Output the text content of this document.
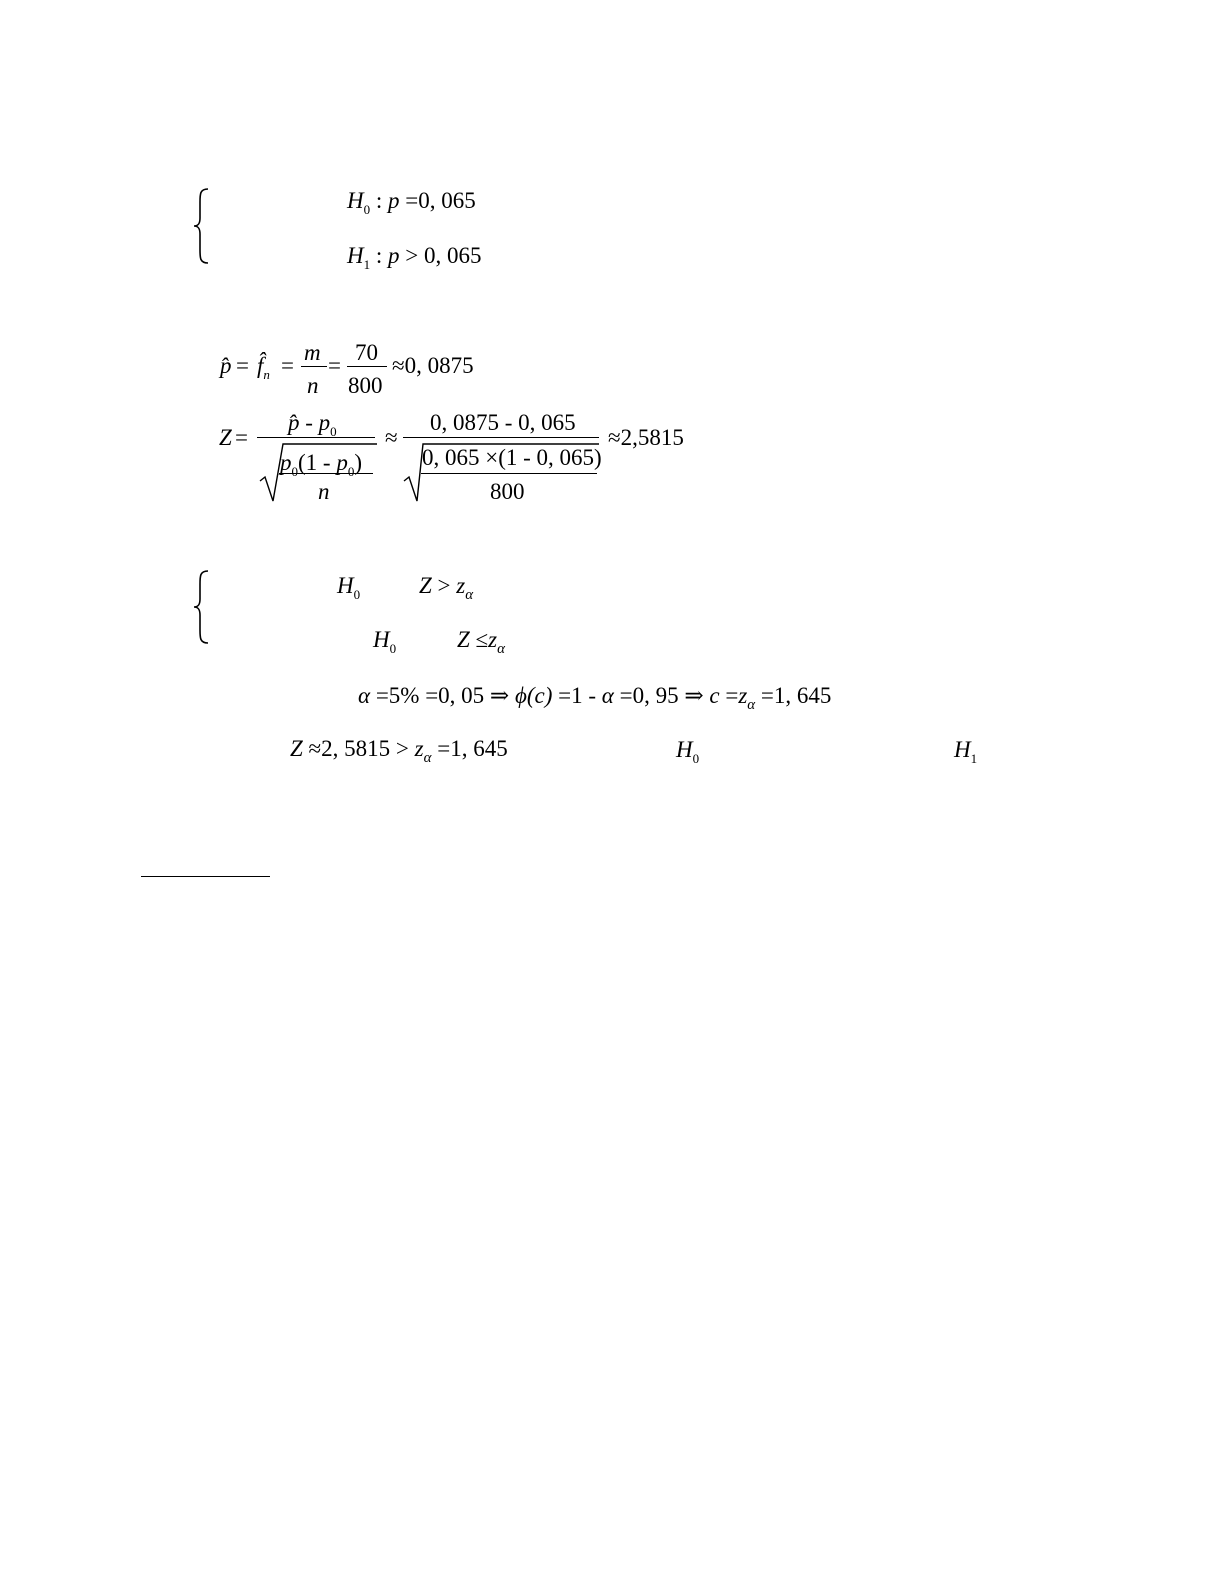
$H_0$ : p =0, 065
$H_1$ : p > 0, 065
p̂ = $f̂_n$ =
m
n
=
70
800
≈0, 0875
Z =
p̂ - $p_0$
$p_0(1 - p_0)$
n
≈
0, 0875 - 0, 065
0, 065 ×(1 - 0, 065)
800
≈2,5815
$H_0$	$Z > z_\alpha$
$H_0$	$Z \le z_\alpha$
α =5% =0, 05 ⇒ ϕ(c) =1 - α =0, 95 ⇒ $c =z_\alpha =1$, 645
Z ≈2, $5815 > z_\alpha =1$, 645	$H_0$	$H_1$
